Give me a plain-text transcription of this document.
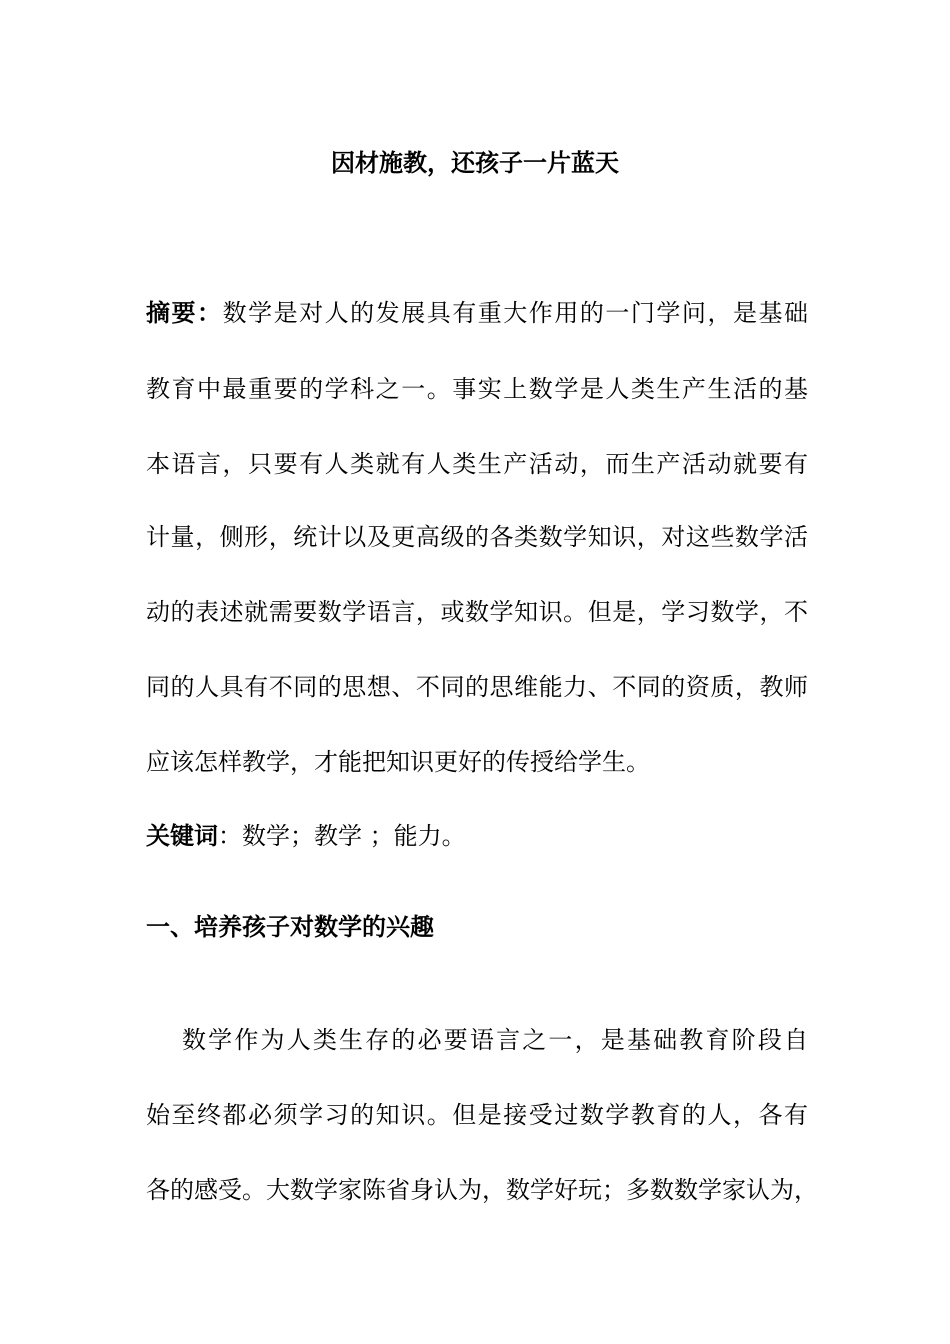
因材施教，还孩子一片蓝天
摘要：数学是对人的发展具有重大作用的一门学问，是基础
教育中最重要的学科之一。事实上数学是人类生产生活的基
本语言，只要有人类就有人类生产活动，而生产活动就要有
计量，侧形，统计以及更高级的各类数学知识，对这些数学活
动的表述就需要数学语言，或数学知识。但是，学习数学，不
同的人具有不同的思想、不同的思维能力、不同的资质，教师
应该怎样教学，才能把知识更好的传授给学生。
关键词：数学；教学 ；能力。
一、培养孩子对数学的兴趣
数学作为人类生存的必要语言之一，是基础教育阶段自
始至终都必须学习的知识。但是接受过数学教育的人，各有
各的感受。大数学家陈省身认为，数学好玩；多数数学家认为，
